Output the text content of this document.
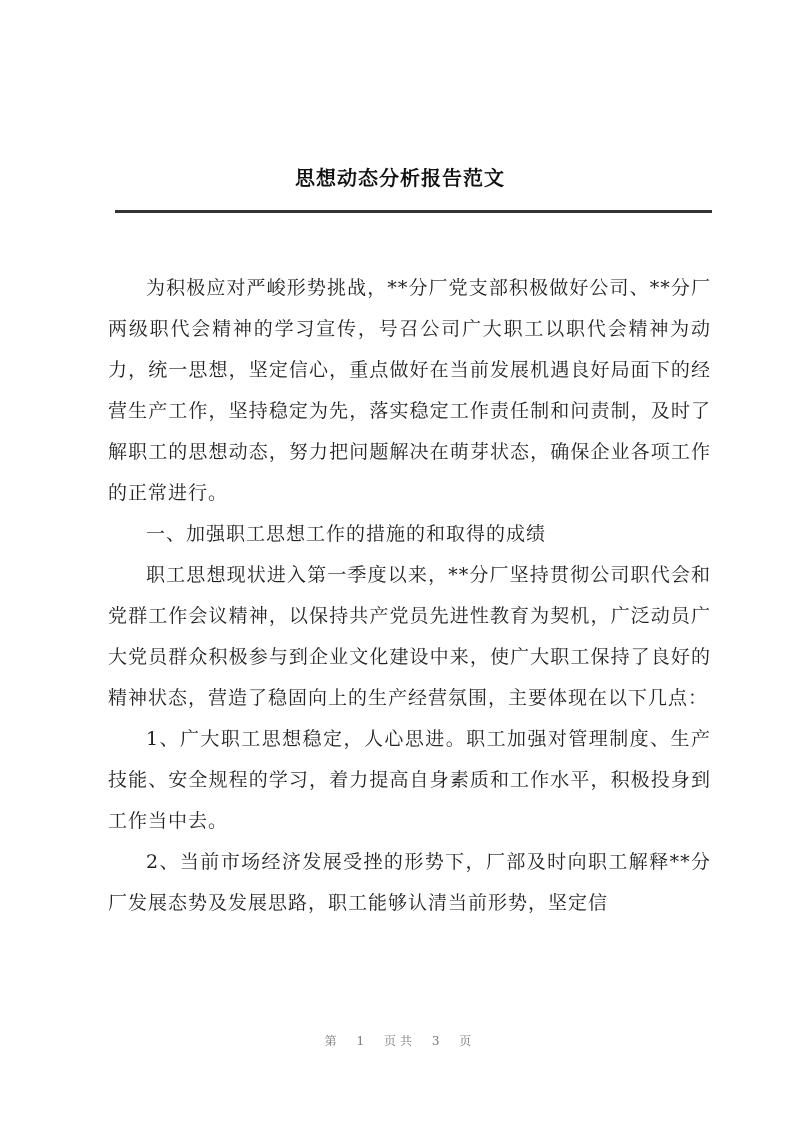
思想动态分析报告范文

为积极应对严峻形势挑战，**分厂党支部积极做好公司、**分厂两级职代会精神的学习宣传，号召公司广大职工以职代会精神为动力，统一思想，坚定信心，重点做好在当前发展机遇良好局面下的经营生产工作，坚持稳定为先，落实稳定工作责任制和问责制，及时了解职工的思想动态，努力把问题解决在萌芽状态，确保企业各项工作的正常进行。

一、加强职工思想工作的措施的和取得的成绩

职工思想现状进入第一季度以来，**分厂坚持贯彻公司职代会和党群工作会议精神，以保持共产党员先进性教育为契机，广泛动员广大党员群众积极参与到企业文化建设中来，使广大职工保持了良好的精神状态，营造了稳固向上的生产经营氛围，主要体现在以下几点：

1、广大职工思想稳定，人心思进。职工加强对管理制度、生产技能、安全规程的学习，着力提高自身素质和工作水平，积极投身到工作当中去。

2、当前市场经济发展受挫的形势下，厂部及时向职工解释**分厂发展态势及发展思路，职工能够认清当前形势，坚定信

第 1 页共 3 页
